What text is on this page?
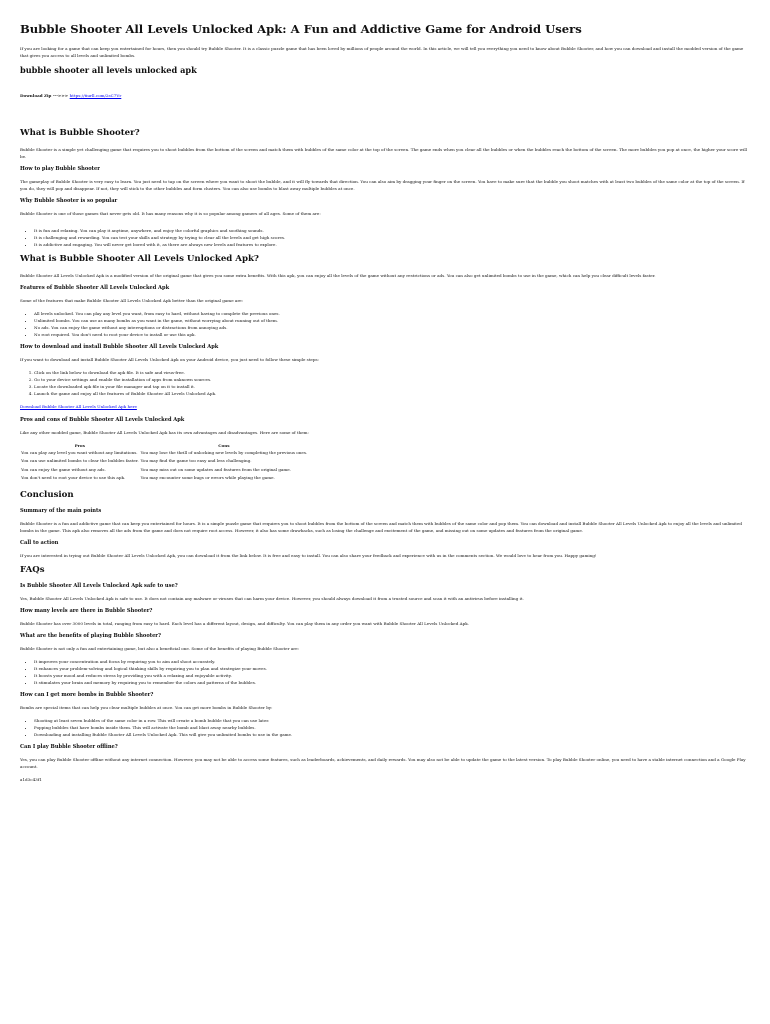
Bubble Shooter All Levels Unlocked Apk: A Fun and Addictive Game for Android Users

If you are looking for a game that can keep you entertained for hours, then you should try Bubble Shooter. It is a classic puzzle game that has been loved by millions of people around the world. In this article, we will tell you everything you need to know about Bubble Shooter, and how you can download and install the modded version of the game that gives you access to all levels and unlimited bombs.

bubble shooter all levels unlocked apk
Download Zip --->>> https://tiurll.com/2sC7Vr
What is Bubble Shooter?

Bubble Shooter is a simple yet challenging game that requires you to shoot bubbles from the bottom of the screen and match them with bubbles of the same color at the top of the screen. The game ends when you clear all the bubbles or when the bubbles reach the bottom of the screen. The more bubbles you pop at once, the higher your score will be.

How to play Bubble Shooter

The gameplay of Bubble Shooter is very easy to learn. You just need to tap on the screen where you want to shoot the bubble, and it will fly towards that direction. You can also aim by dragging your finger on the screen. You have to make sure that the bubble you shoot matches with at least two bubbles of the same color at the top of the screen. If you do, they will pop and disappear. If not, they will stick to the other bubbles and form clusters. You can also use bombs to blast away multiple bubbles at once.

Why Bubble Shooter is so popular

Bubble Shooter is one of those games that never gets old. It has many reasons why it is so popular among gamers of all ages. Some of them are:

• It is fun and relaxing. You can play it anytime, anywhere, and enjoy the colorful graphics and soothing sounds.
• It is challenging and rewarding. You can test your skills and strategy by trying to clear all the levels and get high scores.
• It is addictive and engaging. You will never get bored with it, as there are always new levels and features to explore.
What is Bubble Shooter All Levels Unlocked Apk?

Bubble Shooter All Levels Unlocked Apk is a modified version of the original game that gives you some extra benefits. With this apk, you can enjoy all the levels of the game without any restrictions or ads. You can also get unlimited bombs to use in the game, which can help you clear difficult levels faster.

Features of Bubble Shooter All Levels Unlocked Apk

Some of the features that make Bubble Shooter All Levels Unlocked Apk better than the original game are:

• All levels unlocked. You can play any level you want, from easy to hard, without having to complete the previous ones.
• Unlimited bombs. You can use as many bombs as you want in the game, without worrying about running out of them.
• No ads. You can enjoy the game without any interruptions or distractions from annoying ads.
• No root required. You don't need to root your device to install or use this apk.
How to download and install Bubble Shooter All Levels Unlocked Apk

If you want to download and install Bubble Shooter All Levels Unlocked Apk on your Android device, you just need to follow these simple steps:

1. Click on the link below to download the apk file. It is safe and virus-free.
2. Go to your device settings and enable the installation of apps from unknown sources.
3. Locate the downloaded apk file in your file manager and tap on it to install it.
4. Launch the game and enjoy all the features of Bubble Shooter All Levels Unlocked Apk.

Download Bubble Shooter All Levels Unlocked Apk here

Pros and cons of Bubble Shooter All Levels Unlocked Apk

Like any other modded game, Bubble Shooter All Levels Unlocked Apk has its own advantages and disadvantages. Here are some of them:

Pros	Cons
You can play any level you want without any limitations.	You may lose the thrill of unlocking new levels by completing the previous ones.
You can use unlimited bombs to clear the bubbles faster.	You may find the game too easy and less challenging.
You can enjoy the game without any ads.	You may miss out on some updates and features from the original game.
You don't need to root your device to use this apk.	You may encounter some bugs or errors while playing the game.
Conclusion
Summary of the main points

Bubble Shooter is a fun and addictive game that can keep you entertained for hours. It is a simple puzzle game that requires you to shoot bubbles from the bottom of the screen and match them with bubbles of the same color and pop them. You can download and install Bubble Shooter All Levels Unlocked Apk to enjoy all the levels and unlimited bombs in the game. This apk also removes all the ads from the game and does not require root access. However, it also has some drawbacks, such as losing the challenge and excitement of the game, and missing out on some updates and features from the original game.

Call to action

If you are interested in trying out Bubble Shooter All Levels Unlocked Apk, you can download it from the link below. It is free and easy to install. You can also share your feedback and experience with us in the comments section. We would love to hear from you. Happy gaming!

FAQs
Is Bubble Shooter All Levels Unlocked Apk safe to use?

Yes, Bubble Shooter All Levels Unlocked Apk is safe to use. It does not contain any malware or viruses that can harm your device. However, you should always download it from a trusted source and scan it with an antivirus before installing it.

How many levels are there in Bubble Shooter?

Bubble Shooter has over 3000 levels in total, ranging from easy to hard. Each level has a different layout, design, and difficulty. You can play them in any order you want with Bubble Shooter All Levels Unlocked Apk.

What are the benefits of playing Bubble Shooter?

Bubble Shooter is not only a fun and entertaining game, but also a beneficial one. Some of the benefits of playing Bubble Shooter are:

• It improves your concentration and focus by requiring you to aim and shoot accurately.
• It enhances your problem-solving and logical thinking skills by requiring you to plan and strategize your moves.
• It boosts your mood and reduces stress by providing you with a relaxing and enjoyable activity.
• It stimulates your brain and memory by requiring you to remember the colors and patterns of the bubbles.
How can I get more bombs in Bubble Shooter?

Bombs are special items that can help you clear multiple bubbles at once. You can get more bombs in Bubble Shooter by:

• Shooting at least seven bubbles of the same color in a row. This will create a bomb bubble that you can use later.
• Popping bubbles that have bombs inside them. This will activate the bomb and blast away nearby bubbles.
• Downloading and installing Bubble Shooter All Levels Unlocked Apk. This will give you unlimited bombs to use in the game.
Can I play Bubble Shooter offline?

Yes, you can play Bubble Shooter offline without any internet connection. However, you may not be able to access some features, such as leaderboards, achievements, and daily rewards. You may also not be able to update the game to the latest version. To play Bubble Shooter online, you need to have a stable internet connection and a Google Play account.

a1d3c43f1
